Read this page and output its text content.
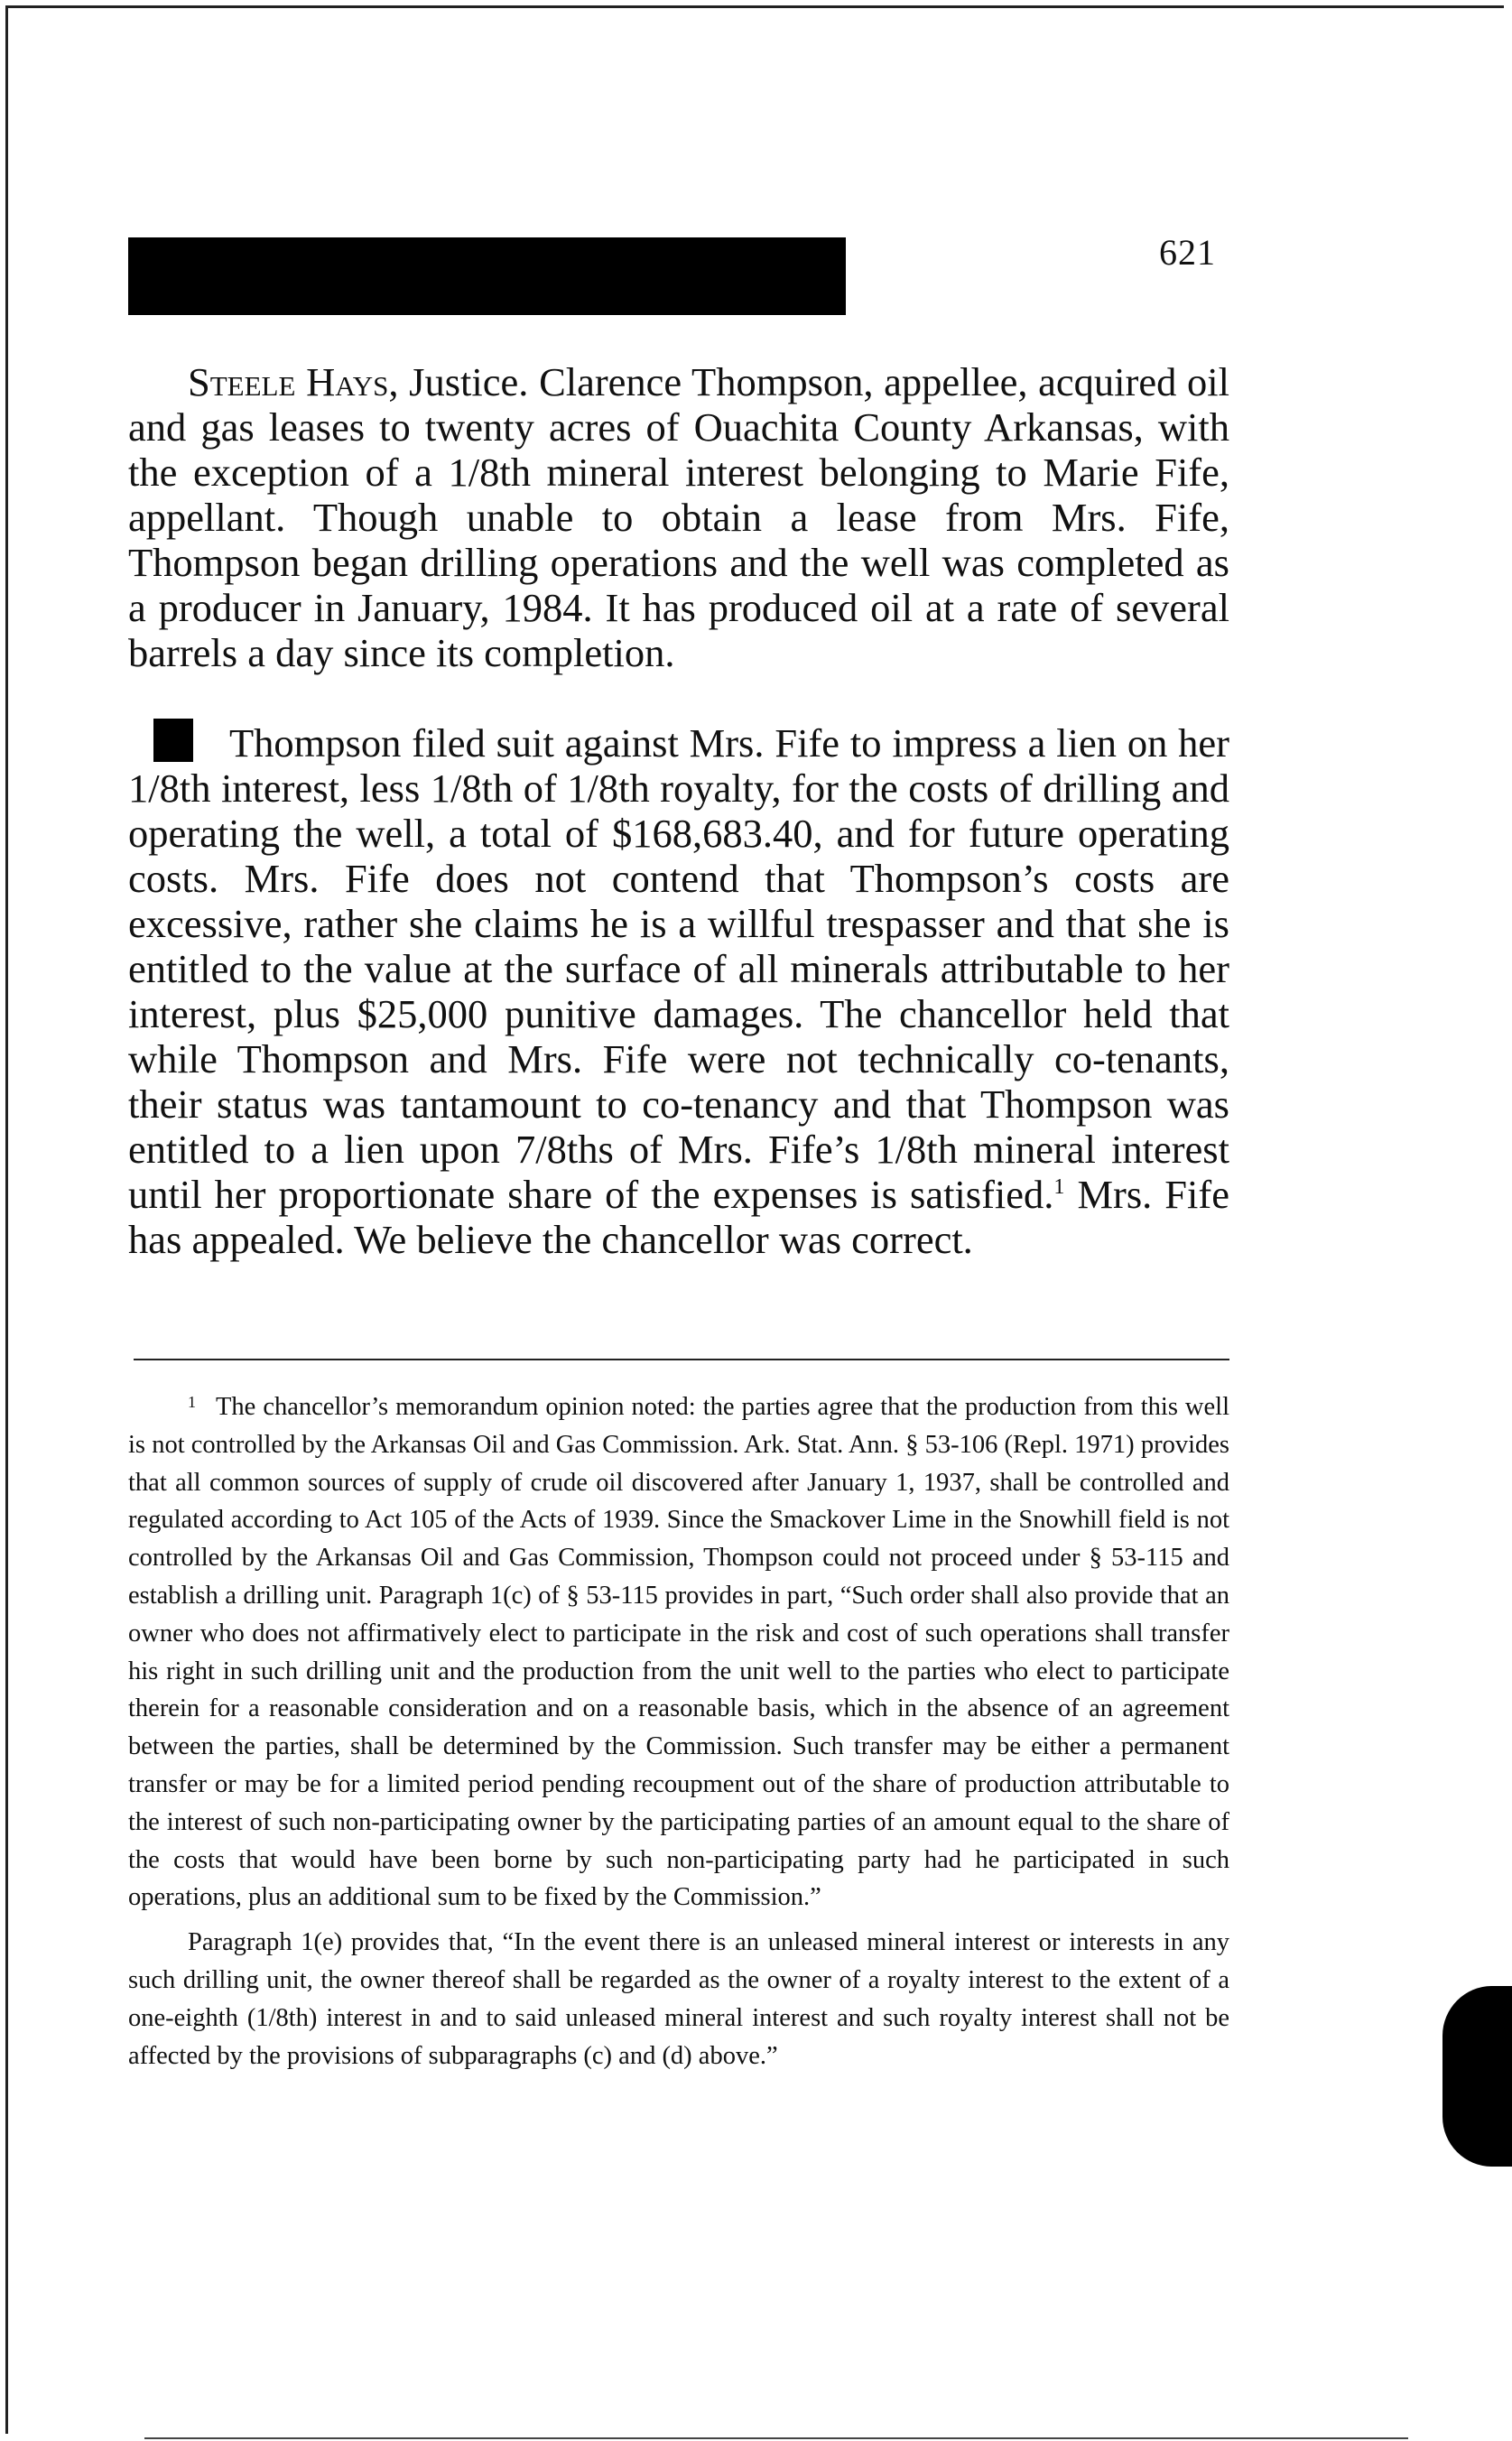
621

Steele Hays, Justice. Clarence Thompson, appellee, acquired oil and gas leases to twenty acres of Ouachita County Arkansas, with the exception of a 1/8th mineral interest belonging to Marie Fife, appellant. Though unable to obtain a lease from Mrs. Fife, Thompson began drilling operations and the well was completed as a producer in January, 1984. It has produced oil at a rate of several barrels a day since its completion.

Thompson filed suit against Mrs. Fife to impress a lien on her 1/8th interest, less 1/8th of 1/8th royalty, for the costs of drilling and operating the well, a total of $168,683.40, and for future operating costs. Mrs. Fife does not contend that Thompson’s costs are excessive, rather she claims he is a willful trespasser and that she is entitled to the value at the surface of all minerals attributable to her interest, plus $25,000 punitive damages. The chancellor held that while Thompson and Mrs. Fife were not technically co-tenants, their status was tantamount to co-tenancy and that Thompson was entitled to a lien upon 7/8ths of Mrs. Fife’s 1/8th mineral interest until her proportionate share of the expenses is satisfied.$^1$ Mrs. Fife has appealed. We believe the chancellor was correct.

$^1$ The chancellor’s memorandum opinion noted: the parties agree that the production from this well is not controlled by the Arkansas Oil and Gas Commission. Ark. Stat. Ann. § 53-106 (Repl. 1971) provides that all common sources of supply of crude oil discovered after January 1, 1937, shall be controlled and regulated according to Act 105 of the Acts of 1939. Since the Smackover Lime in the Snowhill field is not controlled by the Arkansas Oil and Gas Commission, Thompson could not proceed under § 53-115 and establish a drilling unit. Paragraph 1(c) of § 53-115 provides in part, “Such order shall also provide that an owner who does not affirmatively elect to participate in the risk and cost of such operations shall transfer his right in such drilling unit and the production from the unit well to the parties who elect to participate therein for a reasonable consideration and on a reasonable basis, which in the absence of an agreement between the parties, shall be determined by the Commission. Such transfer may be either a permanent transfer or may be for a limited period pending recoupment out of the share of production attributable to the interest of such non-participating owner by the participating parties of an amount equal to the share of the costs that would have been borne by such non-participating party had he participated in such operations, plus an additional sum to be fixed by the Commission.”

Paragraph 1(e) provides that, “In the event there is an unleased mineral interest or interests in any such drilling unit, the owner thereof shall be regarded as the owner of a royalty interest to the extent of a one-eighth (1/8th) interest in and to said unleased mineral interest and such royalty interest shall not be affected by the provisions of subparagraphs (c) and (d) above.”
